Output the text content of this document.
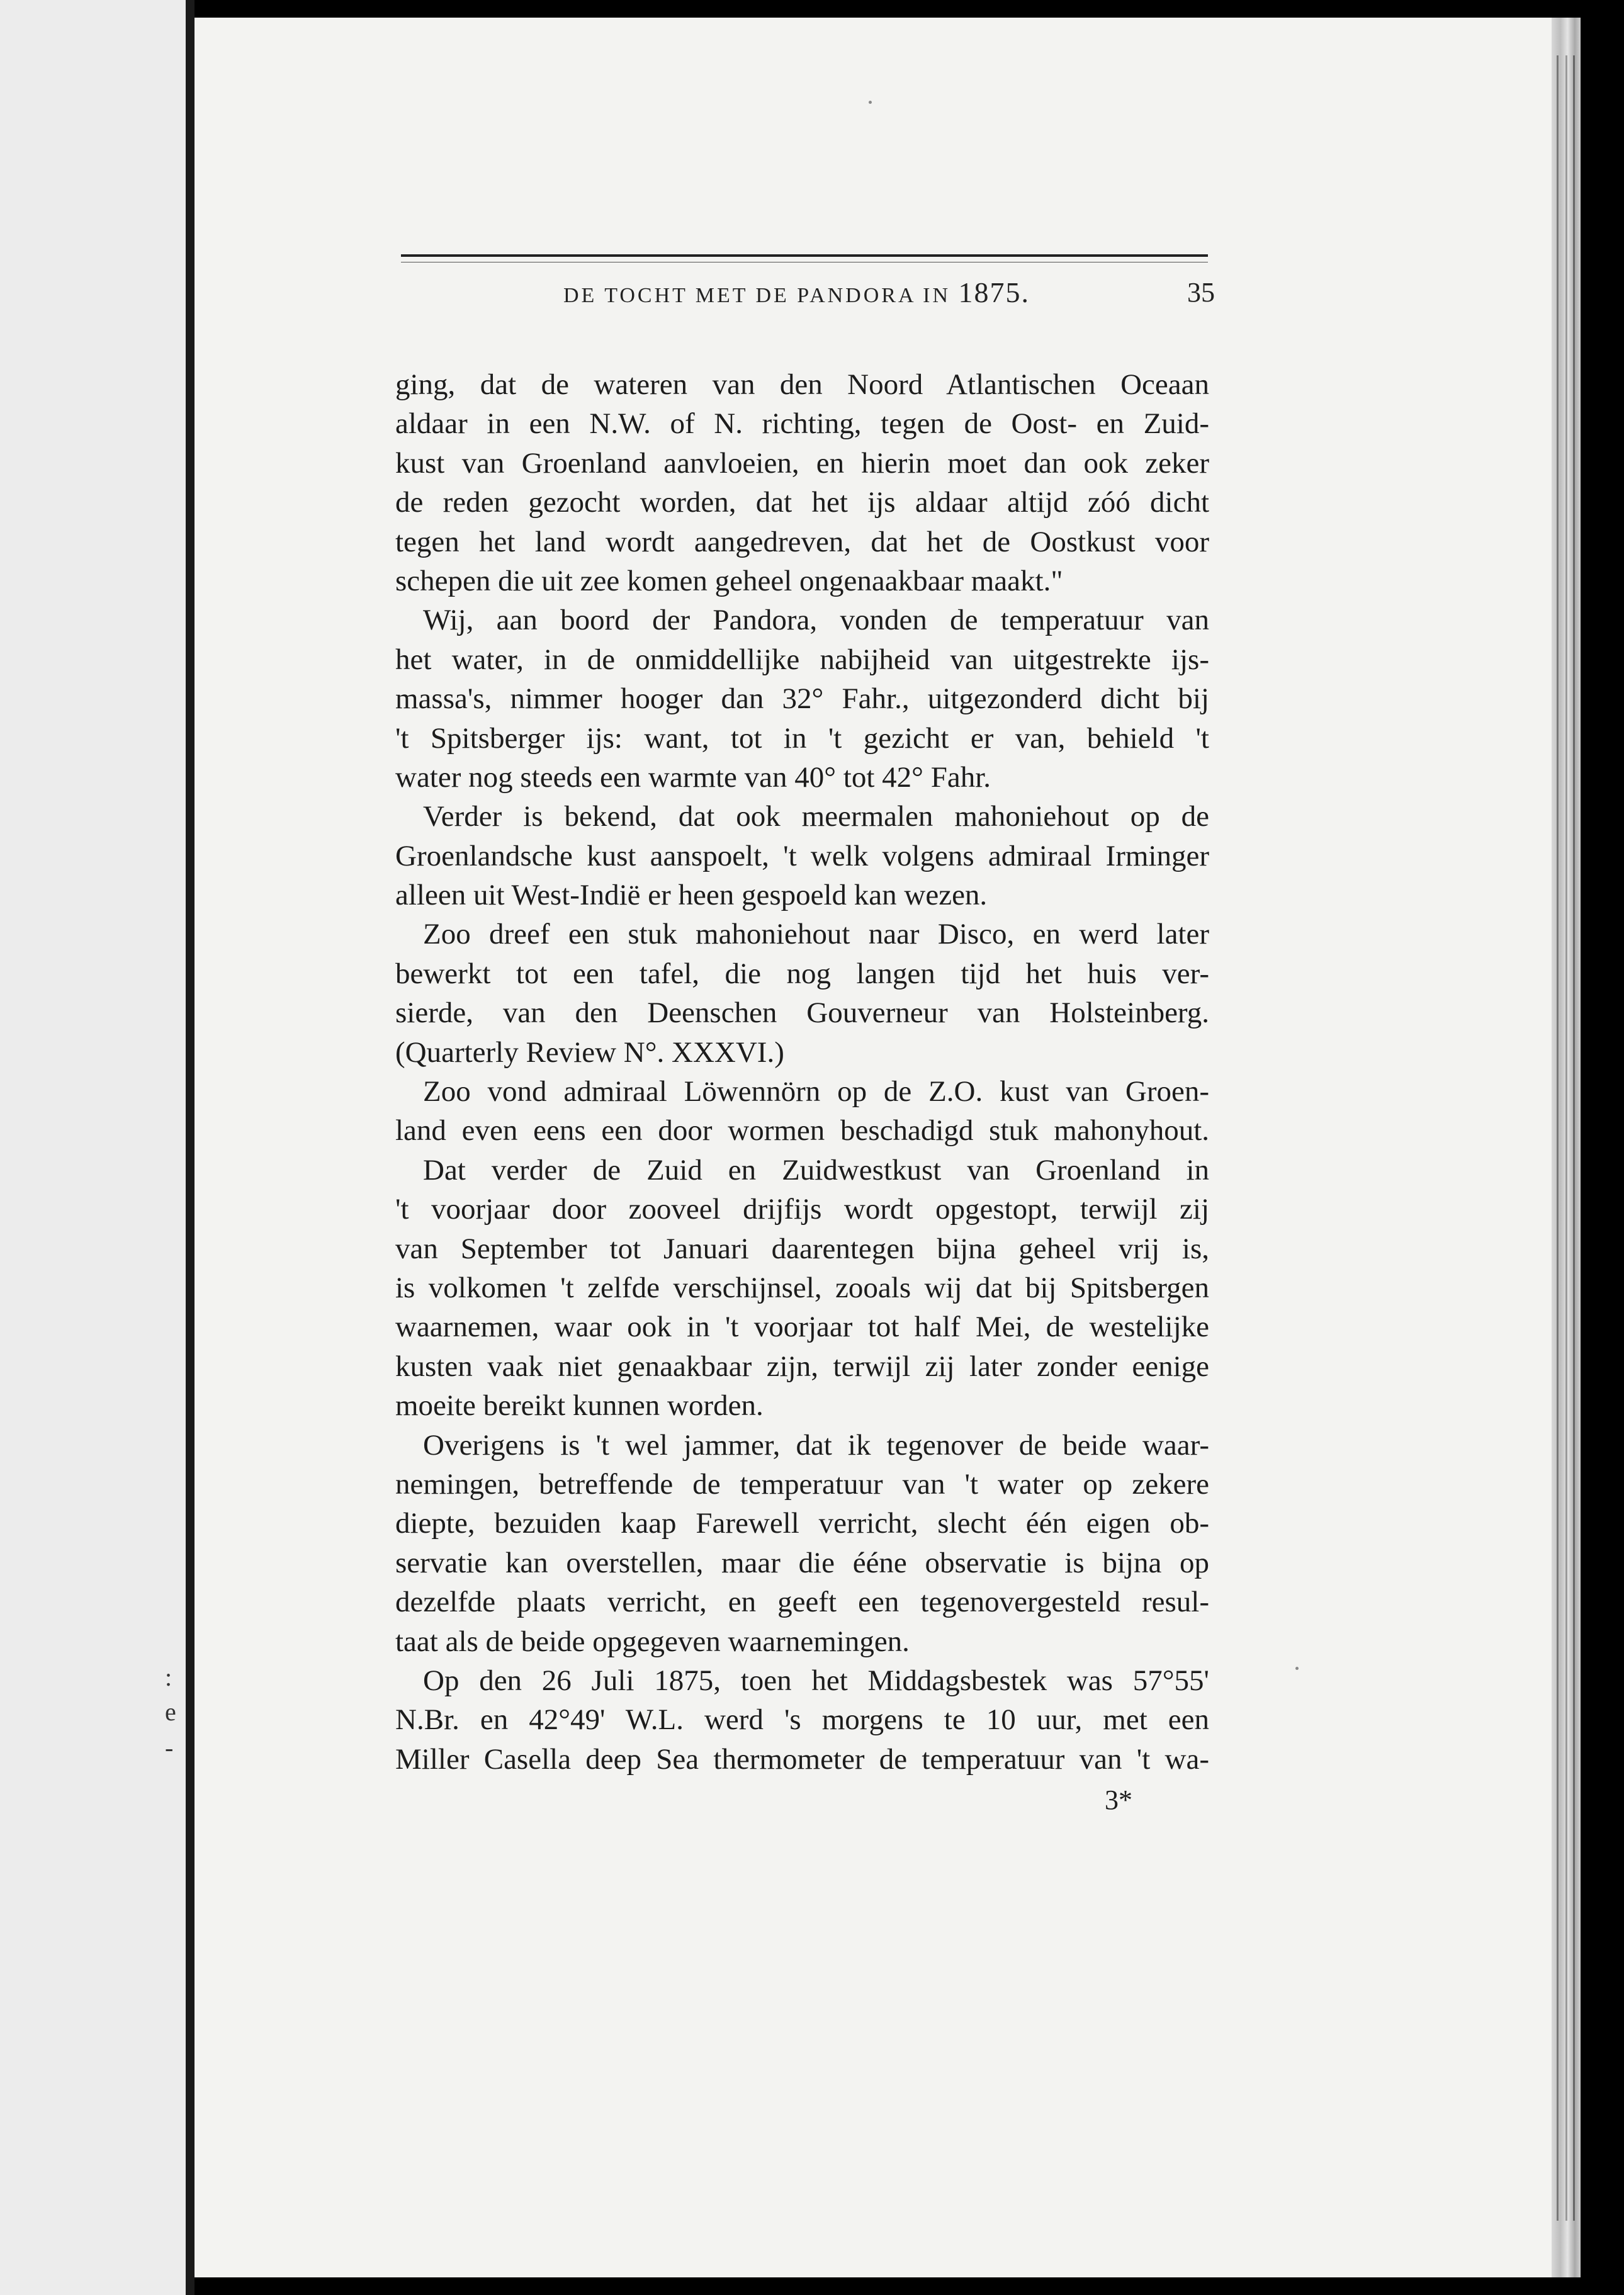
:
e
-
DE TOCHT MET DE PANDORA IN 1875.	35
ging, dat de wateren van den Noord Atlantischen Oceaan
aldaar in een N.W. of N. richting, tegen de Oost- en Zuid-
kust van Groenland aanvloeien, en hierin moet dan ook zeker
de reden gezocht worden, dat het ijs aldaar altijd zóó dicht
tegen het land wordt aangedreven, dat het de Oostkust voor
schepen die uit zee komen geheel ongenaakbaar maakt."
Wij, aan boord der Pandora, vonden de temperatuur van
het water, in de onmiddellijke nabijheid van uitgestrekte ijs-
massa's, nimmer hooger dan 32° Fahr., uitgezonderd dicht bij
't Spitsberger ijs: want, tot in 't gezicht er van, behield 't
water nog steeds een warmte van 40° tot 42° Fahr.
Verder is bekend, dat ook meermalen mahoniehout op de
Groenlandsche kust aanspoelt, 't welk volgens admiraal Irminger
alleen uit West-Indië er heen gespoeld kan wezen.
Zoo dreef een stuk mahoniehout naar Disco, en werd later
bewerkt tot een tafel, die nog langen tijd het huis ver-
sierde, van den Deenschen Gouverneur van Holsteinberg.
(Quarterly Review N°. XXXVI.)
Zoo vond admiraal Löwennörn op de Z.O. kust van Groen-
land even eens een door wormen beschadigd stuk mahonyhout.
Dat verder de Zuid en Zuidwestkust van Groenland in
't voorjaar door zooveel drijfijs wordt opgestopt, terwijl zij
van September tot Januari daarentegen bijna geheel vrij is,
is volkomen 't zelfde verschijnsel, zooals wij dat bij Spitsbergen
waarnemen, waar ook in 't voorjaar tot half Mei, de westelijke
kusten vaak niet genaakbaar zijn, terwijl zij later zonder eenige
moeite bereikt kunnen worden.
Overigens is 't wel jammer, dat ik tegenover de beide waar-
nemingen, betreffende de temperatuur van 't water op zekere
diepte, bezuiden kaap Farewell verricht, slecht één eigen ob-
servatie kan overstellen, maar die ééne observatie is bijna op
dezelfde plaats verricht, en geeft een tegenovergesteld resul-
taat als de beide opgegeven waarnemingen.
Op den 26 Juli 1875, toen het Middagsbestek was 57°55'
N.Br. en 42°49' W.L. werd 's morgens te 10 uur, met een
Miller Casella deep Sea thermometer de temperatuur van 't wa-
3*
